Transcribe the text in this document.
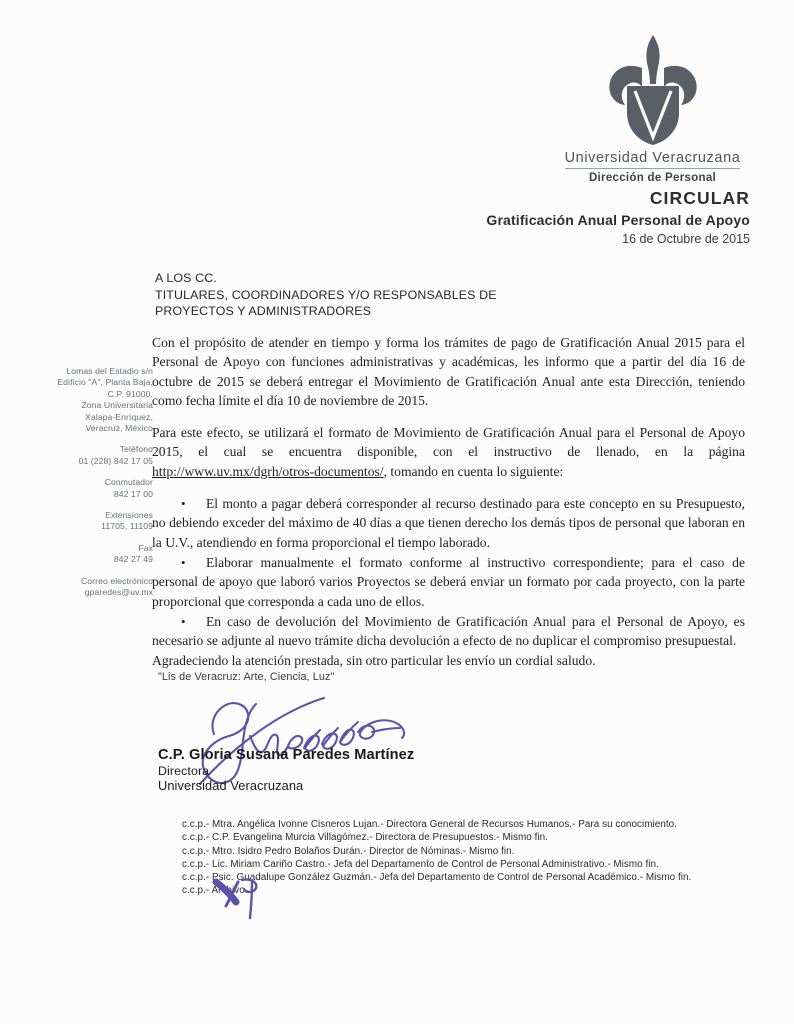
Universidad Veracruzana
Dirección de Personal
CIRCULAR
Gratificación Anual Personal de Apoyo
16 de Octubre de 2015
A LOS CC.
TITULARES, COORDINADORES Y/O RESPONSABLES DE
PROYECTOS Y ADMINISTRADORES
Lomas del Estadio s/n
Edificio "A", Planta Baja,
C.P. 91000,
Zona Universitaria
Xalapa-Enríquez,
Veracruz, México
Teléfono
01 (228) 842 17 05
Conmutador
842 17 00
Extensiones
11705, 11109
Fax
842 27 49
Correo electrónico
gparedes@uv.mx

Con el propósito de atender en tiempo y forma los trámites de pago de Gratificación Anual 2015 para el Personal de Apoyo con funciones administrativas y académicas, les informo que a partir del día 16 de octubre de 2015 se deberá entregar el Movimiento de Gratificación Anual ante esta Dirección, teniendo como fecha límite el día 10 de noviembre de 2015.

Para este efecto, se utilizará el formato de Movimiento de Gratificación Anual para el Personal de Apoyo 2015, el cual se encuentra disponible, con el instructivo de llenado, en la página http://www.uv.mx/dgrh/otros-documentos/, tomando en cuenta lo siguiente:

• El monto a pagar deberá corresponder al recurso destinado para este concepto en su Presupuesto, no debiendo exceder del máximo de 40 días a que tienen derecho los demás tipos de personal que laboran en la U.V., atendiendo en forma proporcional el tiempo laborado.
• Elaborar manualmente el formato conforme al instructivo correspondiente; para el caso de personal de apoyo que laboró varios Proyectos se deberá enviar un formato por cada proyecto, con la parte proporcional que corresponda a cada uno de ellos.
• En caso de devolución del Movimiento de Gratificación Anual para el Personal de Apoyo, es necesario se adjunte al nuevo trámite dicha devolución a efecto de no duplicar el compromiso presupuestal.

Agradeciendo la atención prestada, sin otro particular les envío un cordial saludo.

"Lis de Veracruz: Arte, Ciencia, Luz"
C.P. Gloria Susana Paredes Martínez
Directora
Universidad Veracruzana
c.c.p.- Mtra. Angélica Ivonne Cisneros Lujan.- Directora General de Recursos Humanos.- Para su conocimiento.
c.c.p.- C.P. Evangelina Murcia Villagómez.- Directora de Presupuestos.- Mismo fin.
c.c.p.- Mtro. Isidro Pedro Bolaños Durán.- Director de Nóminas.- Mismo fin.
c.c.p.- Lic. Miriam Cariño Castro.- Jefa del Departamento de Control de Personal Administrativo.- Mismo fin.
c.c.p.- Psic. Guadalupe González Guzmán.- Jefa del Departamento de Control de Personal Académico.- Mismo fin.
c.c.p.- Archivo.
